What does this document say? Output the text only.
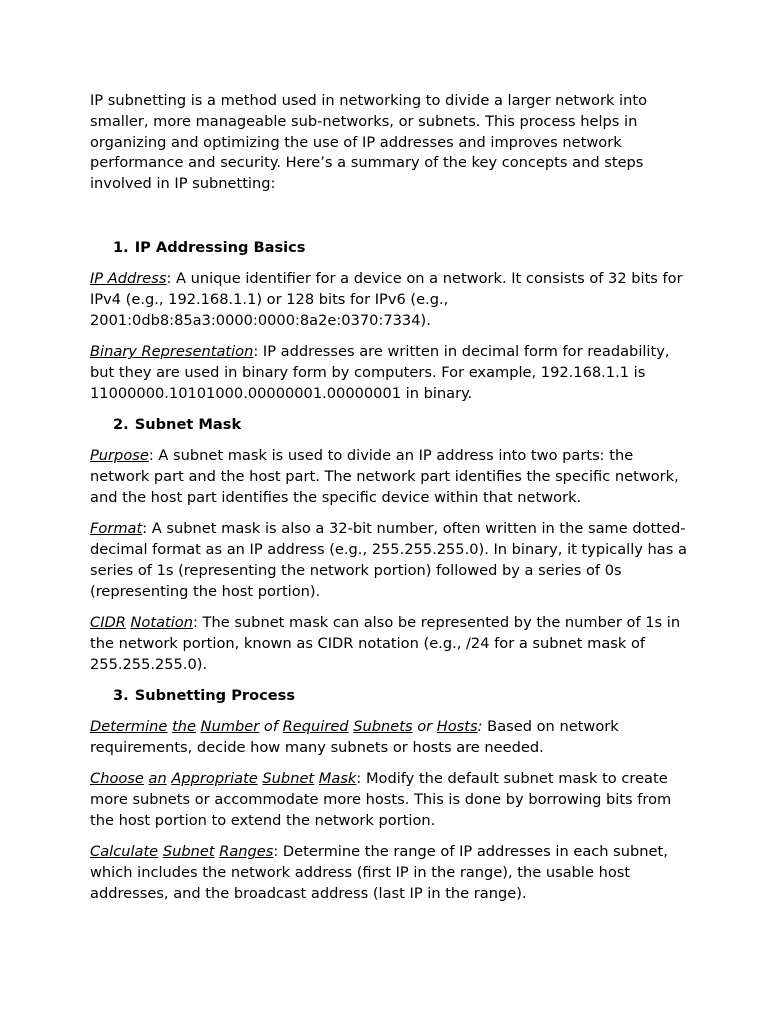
IP subnetting is a method used in networking to divide a larger network into smaller, more manageable sub-networks, or subnets. This process helps in organizing and optimizing the use of IP addresses and improves network performance and security. Here’s a summary of the key concepts and steps involved in IP subnetting:

1. IP Addressing Basics

IP Address: A unique identifier for a device on a network. It consists of 32 bits for IPv4 (e.g., 192.168.1.1) or 128 bits for IPv6 (e.g., 2001:0db8:85a3:0000:0000:8a2e:0370:7334).

Binary Representation: IP addresses are written in decimal form for readability, but they are used in binary form by computers. For example, 192.168.1.1 is 11000000.10101000.00000001.00000001 in binary.

2. Subnet Mask

Purpose: A subnet mask is used to divide an IP address into two parts: the network part and the host part. The network part identifies the specific network, and the host part identifies the specific device within that network.

Format: A subnet mask is also a 32-bit number, often written in the same dotted-decimal format as an IP address (e.g., 255.255.255.0). In binary, it typically has a series of 1s (representing the network portion) followed by a series of 0s (representing the host portion).

CIDR Notation: The subnet mask can also be represented by the number of 1s in the network portion, known as CIDR notation (e.g., /24 for a subnet mask of 255.255.255.0).

3. Subnetting Process

Determine the Number of Required Subnets or Hosts: Based on network requirements, decide how many subnets or hosts are needed.

Choose an Appropriate Subnet Mask: Modify the default subnet mask to create more subnets or accommodate more hosts. This is done by borrowing bits from the host portion to extend the network portion.

Calculate Subnet Ranges: Determine the range of IP addresses in each subnet, which includes the network address (first IP in the range), the usable host addresses, and the broadcast address (last IP in the range).
